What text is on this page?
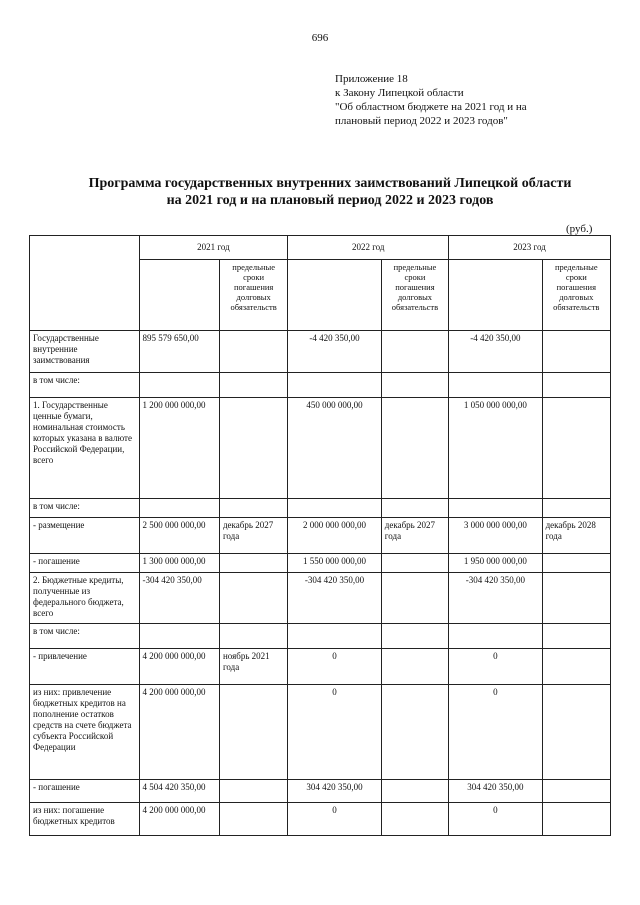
696
Приложение 18
к Закону Липецкой области
"Об областном бюджете на 2021 год и на
плановый период 2022 и 2023 годов"
Программа государственных внутренних заимствований Липецкой области
на 2021 год и на плановый период 2022 и 2023 годов
(руб.)
	2021 год		2022 год		2023 год	
		предельные сроки погашения долговых обязательств		предельные сроки погашения долговых обязательств		предельные сроки погашения долговых обязательств
Государственные внутренние заимствования	895 579 650,00		-4 420 350,00		-4 420 350,00	
в том числе:						
1. Государственные ценные бумаги, номинальная стоимость которых указана в валюте Российской Федерации, всего	1 200 000 000,00		450 000 000,00		1 050 000 000,00	
в том числе:						
- размещение	2 500 000 000,00	декабрь 2027 года	2 000 000 000,00	декабрь 2027 года	3 000 000 000,00	декабрь 2028 года
- погашение	1 300 000 000,00		1 550 000 000,00		1 950 000 000,00	
2. Бюджетные кредиты, полученные из федерального бюджета, всего	-304 420 350,00		-304 420 350,00		-304 420 350,00	
в том числе:						
- привлечение	4 200 000 000,00	ноябрь 2021 года	0		0	
из них: привлечение бюджетных кредитов на пополнение остатков средств на счете бюджета субъекта Российской Федерации	4 200 000 000,00		0		0	
- погашение	4 504 420 350,00		304 420 350,00		304 420 350,00	
из них: погашение бюджетных кредитов	4 200 000 000,00		0		0	
